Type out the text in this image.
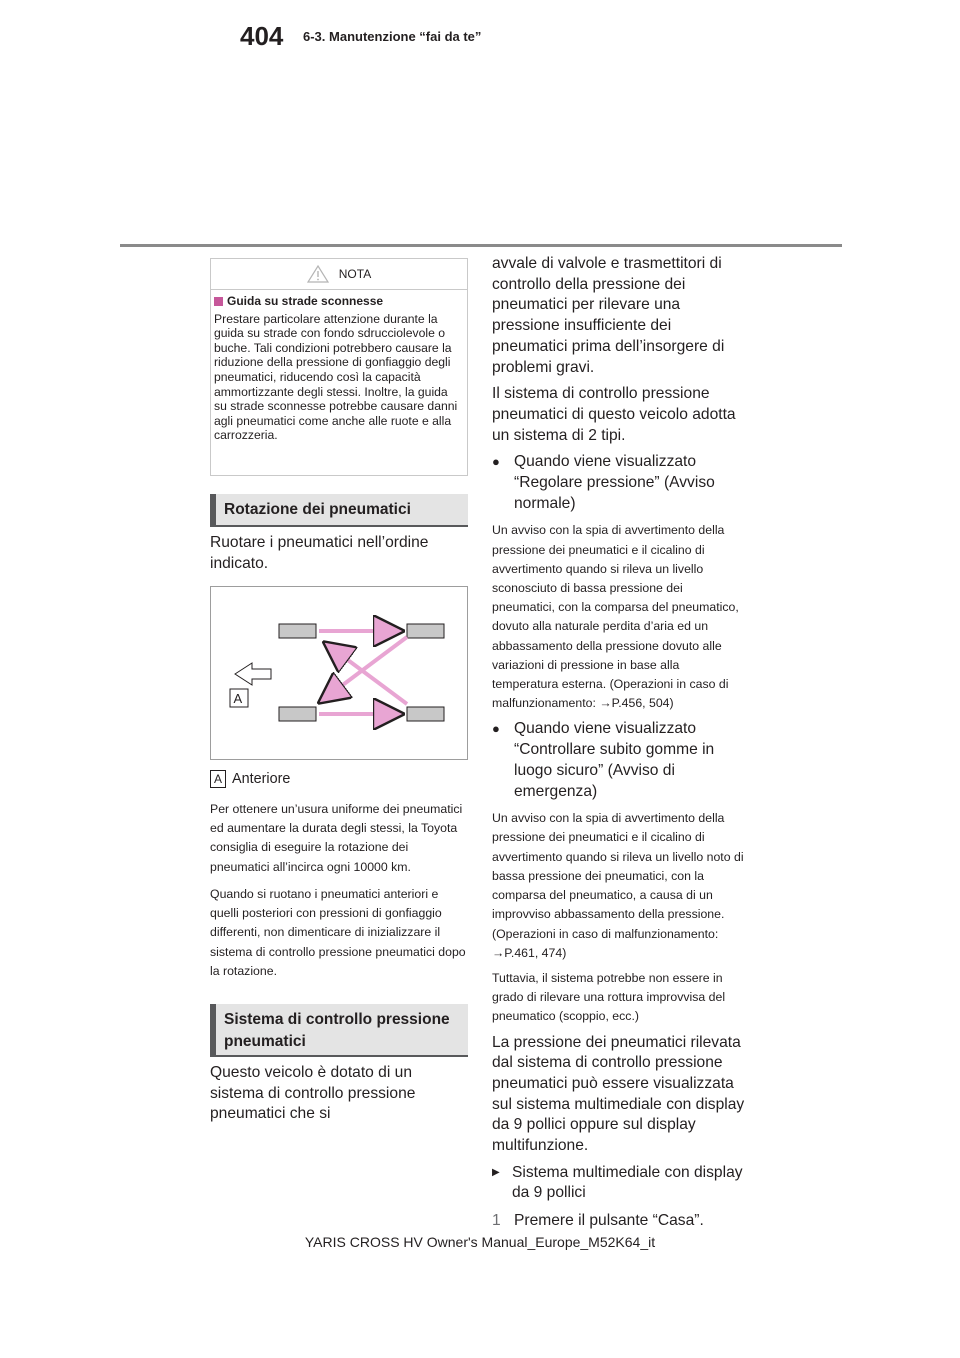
404 6-3. Manutenzione “fai da te”
NOTA
Guida su strade sconnesse
Prestare particolare attenzione durante la guida su strade con fondo sdrucciolevole o buche. Tali condizioni potrebbero causare la riduzione della pressione di gonfiaggio degli pneumatici, riducendo così la capacità ammortizzante degli stessi. Inoltre, la guida su strade sconnesse potrebbe causare danni agli pneumatici come anche alle ruote e alla carrozzeria.
Rotazione dei pneumatici
Ruotare i pneumatici nell’ordine indicato.
A
A Anteriore
Per ottenere un’usura uniforme dei pneumatici ed aumentare la durata degli stessi, la Toyota consiglia di eseguire la rotazione dei pneumatici all’incirca ogni 10000 km.
Quando si ruotano i pneumatici anteriori e quelli posteriori con pressioni di gonfiaggio differenti, non dimenticare di inizializzare il sistema di controllo pressione pneumatici dopo la rotazione.
Sistema di controllo pressione pneumatici
Questo veicolo è dotato di un sistema di controllo pressione pneumatici che si

avvale di valvole e trasmettitori di controllo della pressione dei pneumatici per rilevare una pressione insufficiente dei pneumatici prima dell’insorgere di problemi gravi.

Il sistema di controllo pressione pneumatici di questo veicolo adotta un sistema di 2 tipi.

● Quando viene visualizzato “Regolare pressione” (Avviso normale)

Un avviso con la spia di avvertimento della pressione dei pneumatici e il cicalino di avvertimento quando si rileva un livello sconosciuto di bassa pressione dei pneumatici, con la comparsa del pneumatico, dovuto alla naturale perdita d’aria ed un abbassamento della pressione dovuto alle variazioni di pressione in base alla temperatura esterna. (Operazioni in caso di malfunzionamento: →P.456, 504)

● Quando viene visualizzato “Controllare subito gomme in luogo sicuro” (Avviso di emergenza)

Un avviso con la spia di avvertimento della pressione dei pneumatici e il cicalino di avvertimento quando si rileva un livello noto di bassa pressione dei pneumatici, con la comparsa del pneumatico, a causa di un improvviso abbassamento della pressione. (Operazioni in caso di malfunzionamento: →P.461, 474)

Tuttavia, il sistema potrebbe non essere in grado di rilevare una rottura improvvisa del pneumatico (scoppio, ecc.)

La pressione dei pneumatici rilevata dal sistema di controllo pressione pneumatici può essere visualizzata sul sistema multimediale con display da 9 pollici oppure sul display multifunzione.

▶ Sistema multimediale con display da 9 pollici
1 Premere il pulsante “Casa”.
YARIS CROSS HV Owner's Manual_Europe_M52K64_it
